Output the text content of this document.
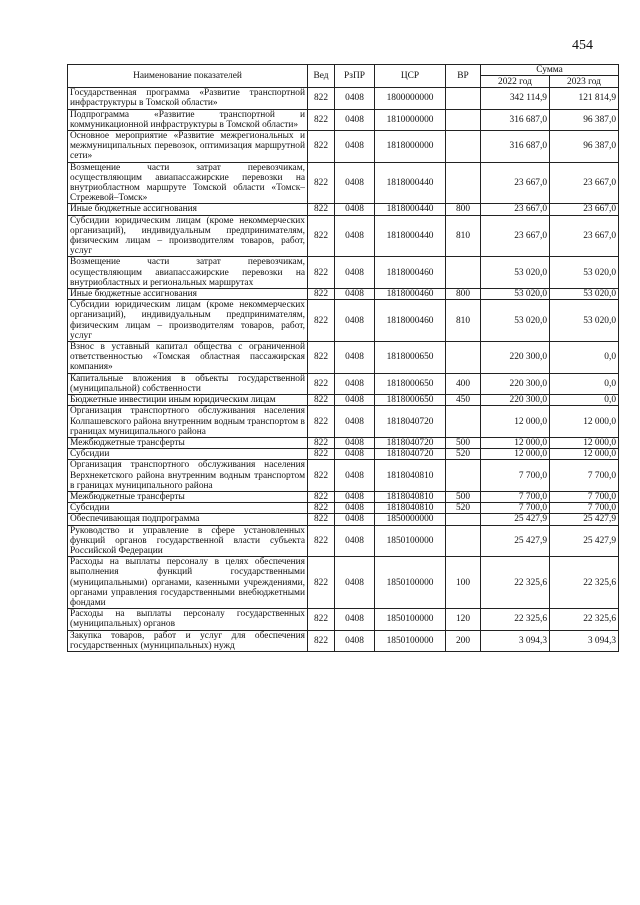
454
Наименование показателей	Вед	РзПР	ЦСР	ВР	Сумма	
					2022 год	2023 год
Государственная программа «Развитие транспортной инфраструктуры в Томской области»	822	0408	1800000000		342 114,9	121 814,9
Подпрограмма «Развитие транспортной и коммуникационной инфраструктуры в Томской области»	822	0408	1810000000		316 687,0	96 387,0
Основное мероприятие «Развитие межрегиональных и межмуниципальных перевозок, оптимизация маршрутной сети»	822	0408	1818000000		316 687,0	96 387,0
Возмещение части затрат перевозчикам, осуществляющим авиапассажирские перевозки на внутриобластном маршруте Томской области «Томск–Стрежевой–Томск»	822	0408	1818000440		23 667,0	23 667,0
Иные бюджетные ассигнования	822	0408	1818000440	800	23 667,0	23 667,0
Субсидии юридическим лицам (кроме некоммерческих организаций), индивидуальным предпринимателям, физическим лицам – производителям товаров, работ, услуг	822	0408	1818000440	810	23 667,0	23 667,0
Возмещение части затрат перевозчикам, осуществляющим авиапассажирские перевозки на внутриобластных и региональных маршрутах	822	0408	1818000460		53 020,0	53 020,0
Иные бюджетные ассигнования	822	0408	1818000460	800	53 020,0	53 020,0
Субсидии юридическим лицам (кроме некоммерческих организаций), индивидуальным предпринимателям, физическим лицам – производителям товаров, работ, услуг	822	0408	1818000460	810	53 020,0	53 020,0
Взнос в уставный капитал общества с ограниченной ответственностью «Томская областная пассажирская компания»	822	0408	1818000650		220 300,0	0,0
Капитальные вложения в объекты государственной (муниципальной) собственности	822	0408	1818000650	400	220 300,0	0,0
Бюджетные инвестиции иным юридическим лицам	822	0408	1818000650	450	220 300,0	0,0
Организация транспортного обслуживания населения Колпашевского района внутренним водным транспортом в границах муниципального района	822	0408	1818040720		12 000,0	12 000,0
Межбюджетные трансферты	822	0408	1818040720	500	12 000,0	12 000,0
Субсидии	822	0408	1818040720	520	12 000,0	12 000,0
Организация транспортного обслуживания населения Верхнекетского района внутренним водным транспортом в границах муниципального района	822	0408	1818040810		7 700,0	7 700,0
Межбюджетные трансферты	822	0408	1818040810	500	7 700,0	7 700,0
Субсидии	822	0408	1818040810	520	7 700,0	7 700,0
Обеспечивающая подпрограмма	822	0408	1850000000		25 427,9	25 427,9
Руководство и управление в сфере установленных функций органов государственной власти субъекта Российской Федерации	822	0408	1850100000		25 427,9	25 427,9
Расходы на выплаты персоналу в целях обеспечения выполнения функций государственными (муниципальными) органами, казенными учреждениями, органами управления государственными внебюджетными фондами	822	0408	1850100000	100	22 325,6	22 325,6
Расходы на выплаты персоналу государственных (муниципальных) органов	822	0408	1850100000	120	22 325,6	22 325,6
Закупка товаров, работ и услуг для обеспечения государственных (муниципальных) нужд	822	0408	1850100000	200	3 094,3	3 094,3
